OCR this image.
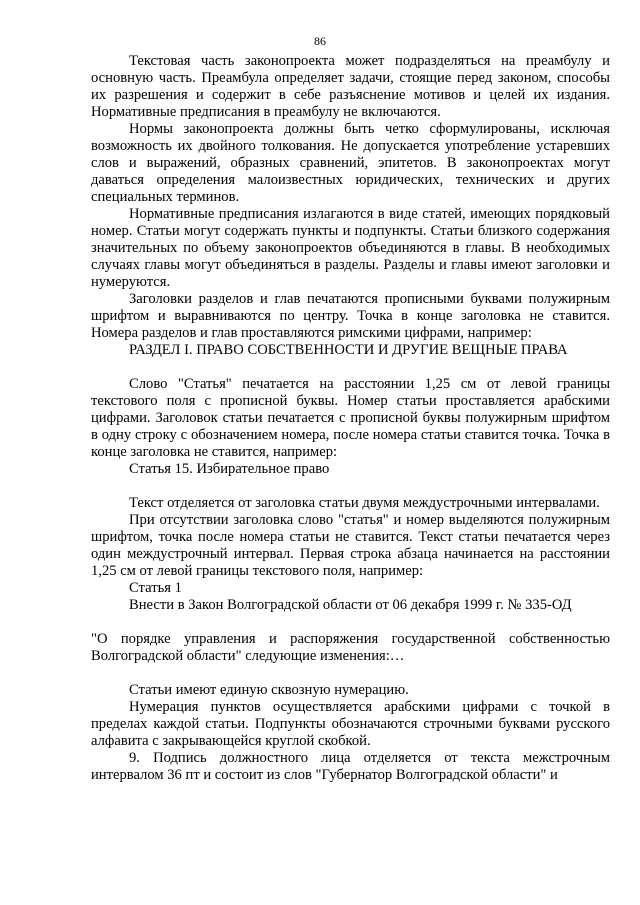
86

Текстовая часть законопроекта может подразделяться на преамбулу и основную часть. Преамбула определяет задачи, стоящие перед законом, способы их разрешения и содержит в себе разъяснение мотивов и целей их издания. Нормативные предписания в преамбулу не включаются.

Нормы законопроекта должны быть четко сформулированы, исключая возможность их двойного толкования. Не допускается употребление устаревших слов и выражений, образных сравнений, эпитетов. В законопроектах могут даваться определения малоизвестных юридических, технических и других специальных терминов.

Нормативные предписания излагаются в виде статей, имеющих порядковый номер. Статьи могут содержать пункты и подпункты. Статьи близкого содержания значительных по объему законопроектов объединяются в главы. В необходимых случаях главы могут объединяться в разделы. Разделы и главы имеют заголовки и нумеруются.

Заголовки разделов и глав печатаются прописными буквами полужирным шрифтом и выравниваются по центру. Точка в конце заголовка не ставится. Номера разделов и глав проставляются римскими цифрами, например:

РАЗДЕЛ I. ПРАВО СОБСТВЕННОСТИ И ДРУГИЕ ВЕЩНЫЕ ПРАВА

Слово "Статья" печатается на расстоянии 1,25 см от левой границы текстового поля с прописной буквы. Номер статьи проставляется арабскими цифрами. Заголовок статьи печатается с прописной буквы полужирным шрифтом в одну строку с обозначением номера, после номера статьи ставится точка. Точка в конце заголовка не ставится, например:

Статья 15. Избирательное право

Текст отделяется от заголовка статьи двумя междустрочными интервалами.

При отсутствии заголовка слово "статья" и номер выделяются полужирным шрифтом, точка после номера статьи не ставится. Текст статьи печатается через один междустрочный интервал. Первая строка абзаца начинается на расстоянии 1,25 см от левой границы текстового поля, например:

Статья 1

Внести в Закон Волгоградской области от 06 декабря 1999 г. № 335-ОД

"О порядке управления и распоряжения государственной собственностью Волгоградской области" следующие изменения:…

Статьи имеют единую сквозную нумерацию.

Нумерация пунктов осуществляется арабскими цифрами с точкой в пределах каждой статьи. Подпункты обозначаются строчными буквами русского алфавита с закрывающейся круглой скобкой.

9. Подпись должностного лица отделяется от текста межстрочным интервалом 36 пт и состоит из слов "Губернатор Волгоградской области" и
